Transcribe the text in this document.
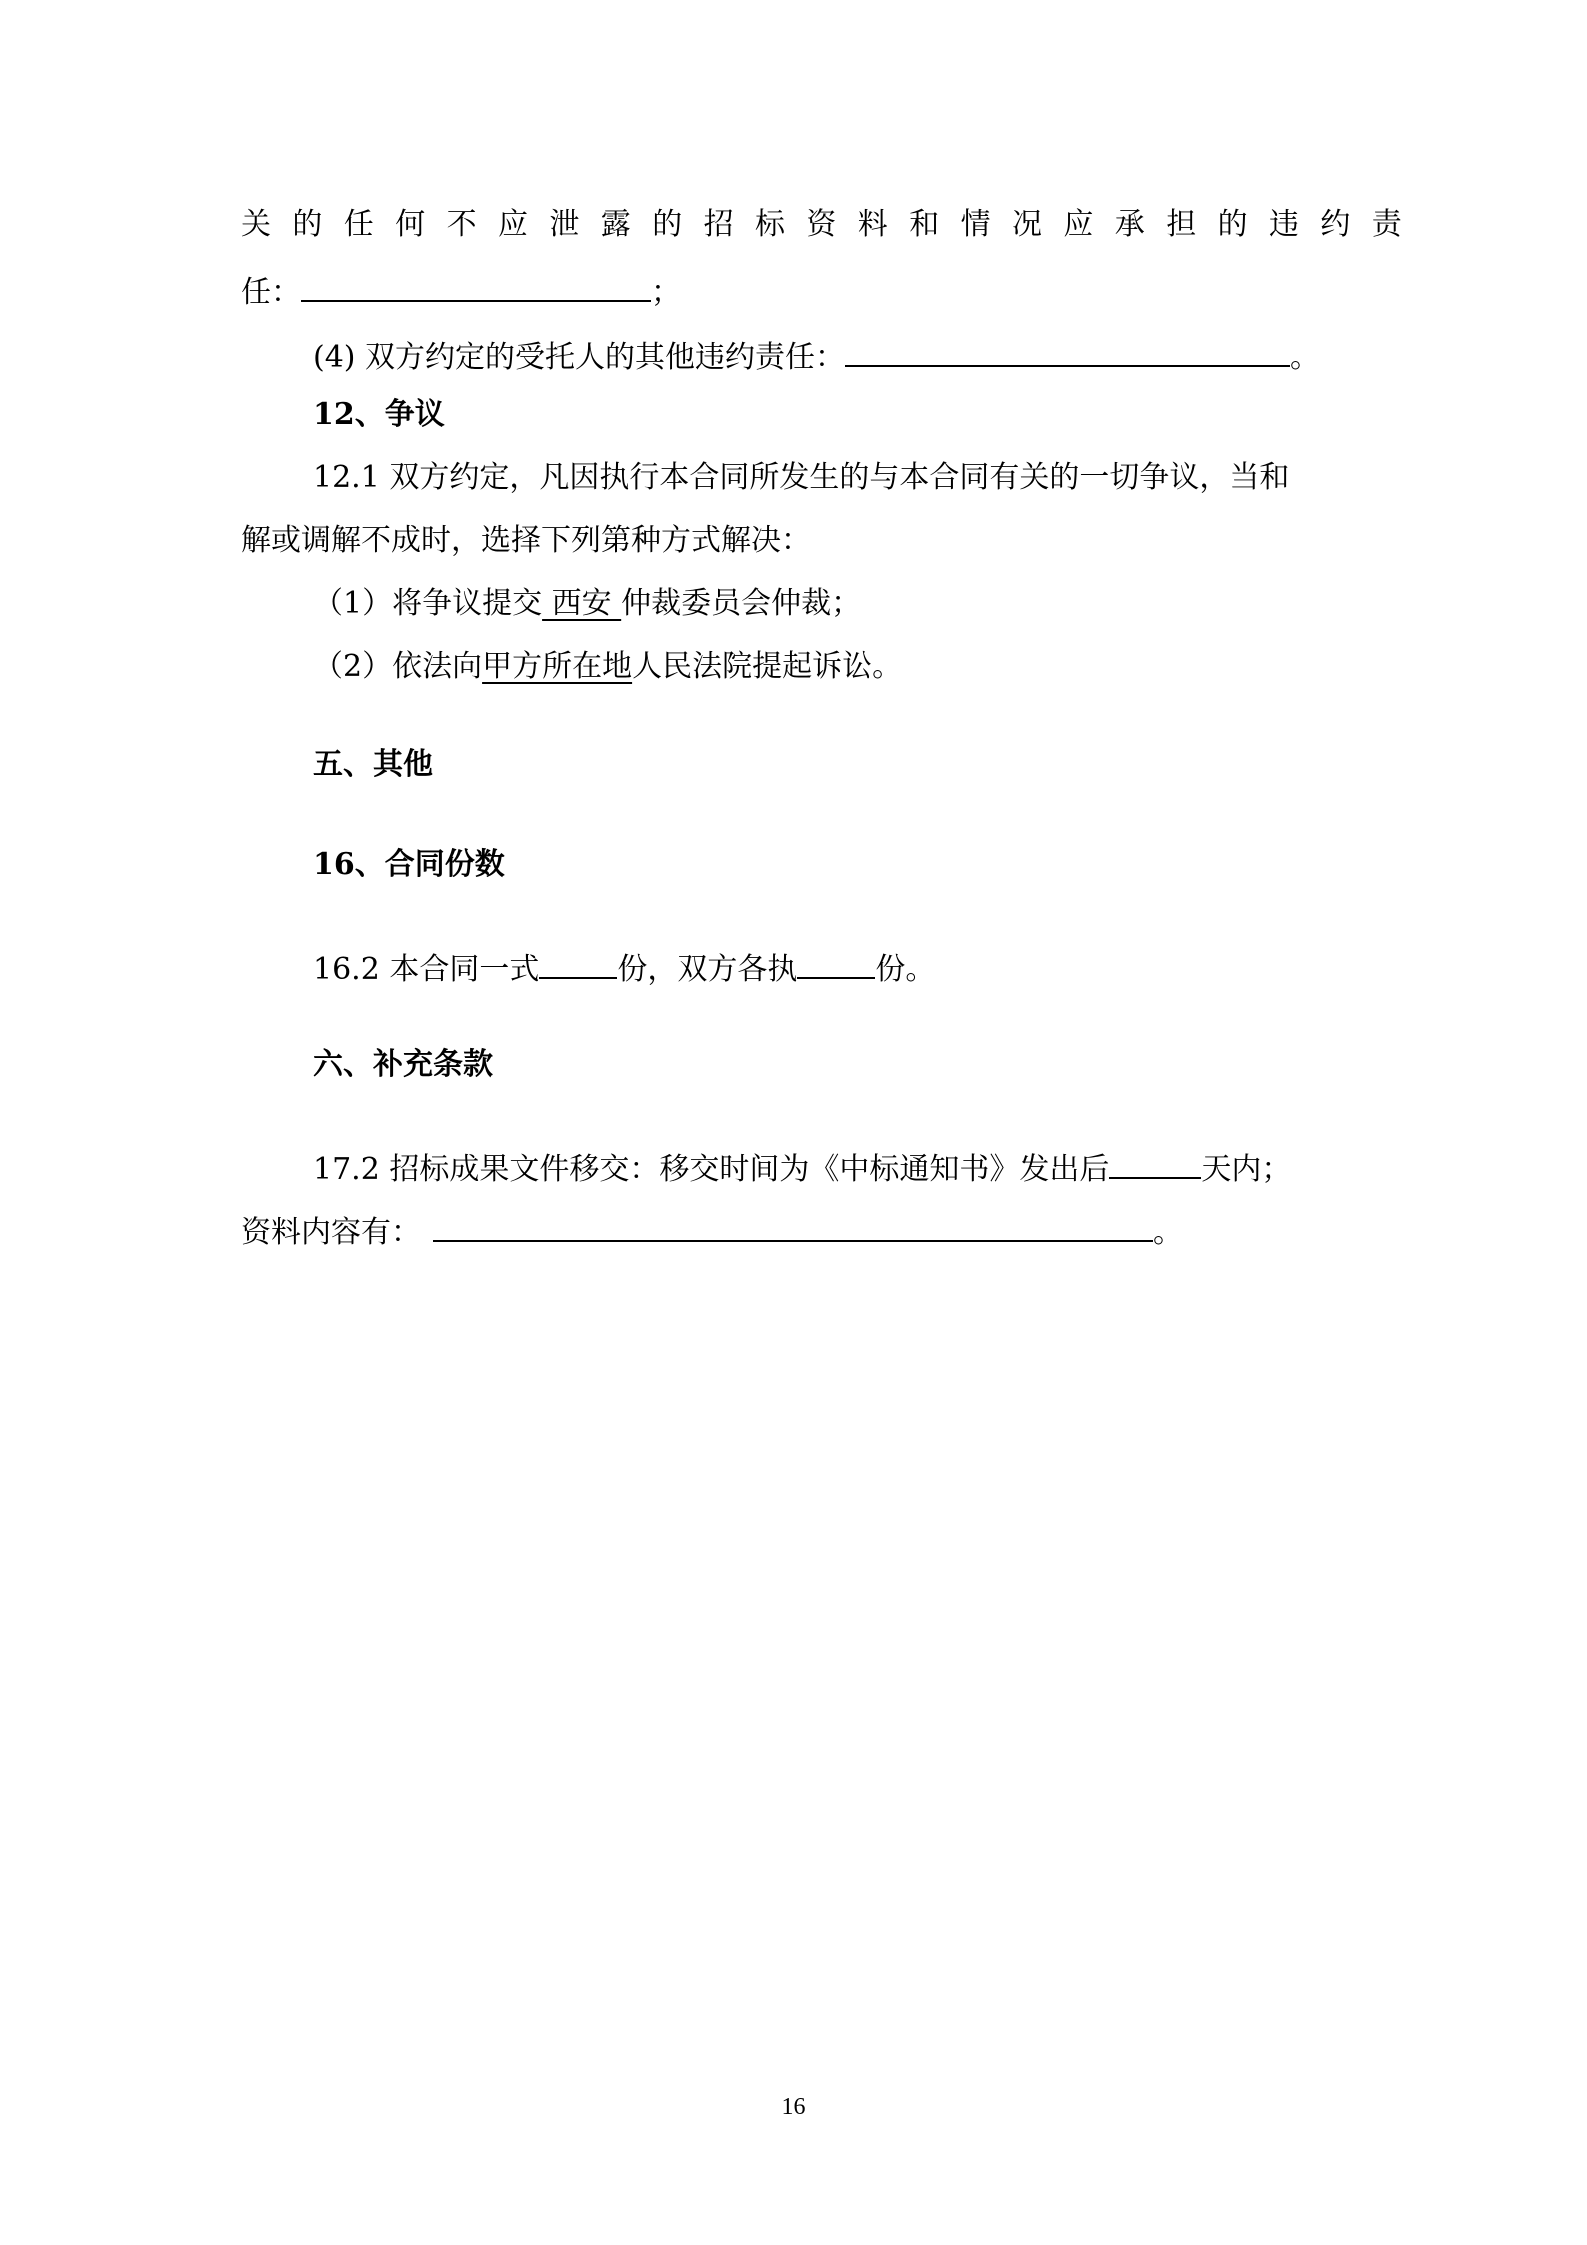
关的任何不应泄露的招标资料和情况应承担的违约责
任：	；
(4) 双方约定的受托人的其他违约责任：	。
12、争议
12.1 双方约定，凡因执行本合同所发生的与本合同有关的一切争议，当和
解或调解不成时，选择下列第种方式解决：
（1）将争议提交 西安 仲裁委员会仲裁；
（2）依法向甲方所在地人民法院提起诉讼。
五、其他
16、合同份数
16.2 本合同一式	份，双方各执	份。
六、补充条款
17.2 招标成果文件移交：移交时间为《中标通知书》发出后	天内；
资料内容有：	。
16
